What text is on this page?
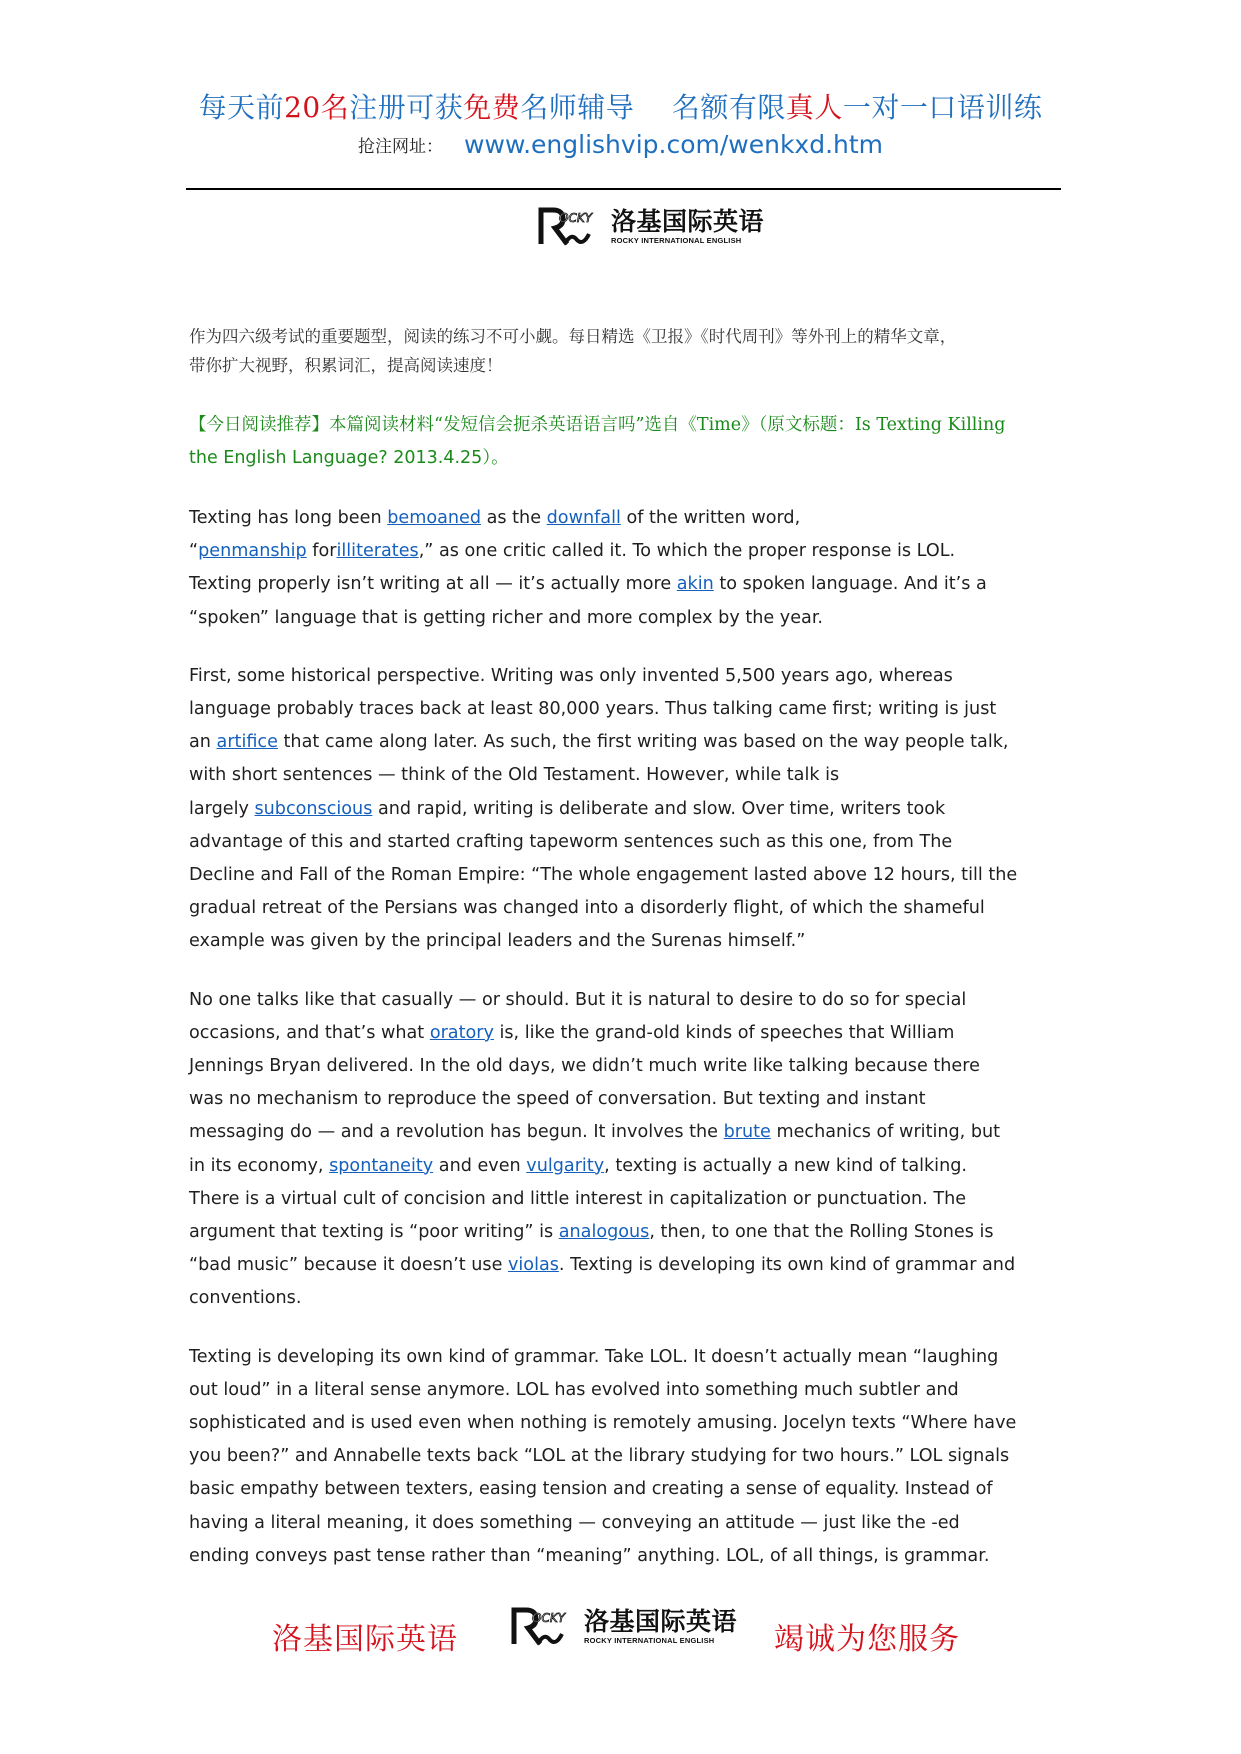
每天前20名注册可获免费名师辅导    名额有限真人一对一口语训练
抢注网址： www.englishvip.com/wenkxd.htm
OCKY 洛基国际英语
ROCKY INTERNATIONAL ENGLISH
作为四六级考试的重要题型，阅读的练习不可小觑。每日精选《卫报》《时代周刊》等外刊上的精华文章，
带你扩大视野，积累词汇，提高阅读速度！
【今日阅读推荐】本篇阅读材料“发短信会扼杀英语语言吗”选自《Time》（原文标题：Is Texting Killing
the English Language? 2013.4.25）。
Texting has long been bemoaned as the downfall of the written word,
“penmanship forilliterates,” as one critic called it. To which the proper response is LOL.
Texting properly isn’t writing at all — it’s actually more akin to spoken language. And it’s a
“spoken” language that is getting richer and more complex by the year.
First, some historical perspective. Writing was only invented 5,500 years ago, whereas
language probably traces back at least 80,000 years. Thus talking came first; writing is just
an artifice that came along later. As such, the first writing was based on the way people talk,
with short sentences — think of the Old Testament. However, while talk is
largely subconscious and rapid, writing is deliberate and slow. Over time, writers took
advantage of this and started crafting tapeworm sentences such as this one, from The
Decline and Fall of the Roman Empire: “The whole engagement lasted above 12 hours, till the
gradual retreat of the Persians was changed into a disorderly flight, of which the shameful
example was given by the principal leaders and the Surenas himself.”
No one talks like that casually — or should. But it is natural to desire to do so for special
occasions, and that’s what oratory is, like the grand-old kinds of speeches that William
Jennings Bryan delivered. In the old days, we didn’t much write like talking because there
was no mechanism to reproduce the speed of conversation. But texting and instant
messaging do — and a revolution has begun. It involves the brute mechanics of writing, but
in its economy, spontaneity and even vulgarity, texting is actually a new kind of talking.
There is a virtual cult of concision and little interest in capitalization or punctuation. The
argument that texting is “poor writing” is analogous, then, to one that the Rolling Stones is
“bad music” because it doesn’t use violas. Texting is developing its own kind of grammar and
conventions.
Texting is developing its own kind of grammar. Take LOL. It doesn’t actually mean “laughing
out loud” in a literal sense anymore. LOL has evolved into something much subtler and
sophisticated and is used even when nothing is remotely amusing. Jocelyn texts “Where have
you been?” and Annabelle texts back “LOL at the library studying for two hours.” LOL signals
basic empathy between texters, easing tension and creating a sense of equality. Instead of
having a literal meaning, it does something — conveying an attitude — just like the -ed
ending conveys past tense rather than “meaning” anything. LOL, of all things, is grammar.
洛基国际英语
OCKY 洛基国际英语
ROCKY INTERNATIONAL ENGLISH	竭诚为您服务
